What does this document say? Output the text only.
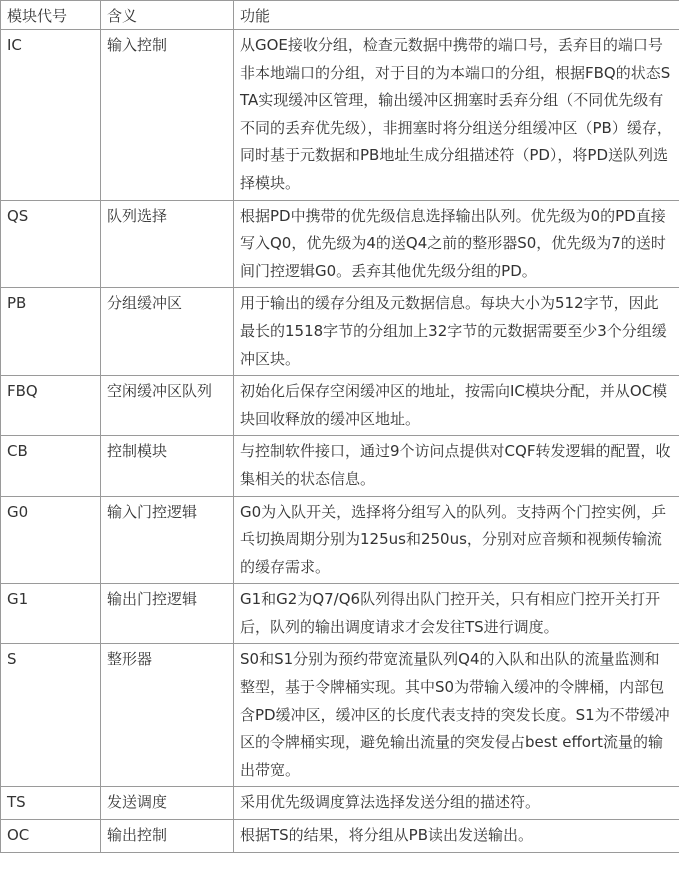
模块代号	含义	功能
IC	输入控制	从GOE接收分组，检查元数据中携带的端口号，丢弃目的端口号非本地端口的分组，对于目的为本端口的分组，根据FBQ的状态STA实现缓冲区管理，输出缓冲区拥塞时丢弃分组（不同优先级有不同的丢弃优先级），非拥塞时将分组送分组缓冲区（PB）缓存，同时基于元数据和PB地址生成分组描述符（PD），将PD送队列选择模块。
QS	队列选择	根据PD中携带的优先级信息选择输出队列。优先级为0的PD直接写入Q0，优先级为4的送Q4之前的整形器S0，优先级为7的送时间门控逻辑G0。丢弃其他优先级分组的PD。
PB	分组缓冲区	用于输出的缓存分组及元数据信息。每块大小为512字节，因此最长的1518字节的分组加上32字节的元数据需要至少3个分组缓冲区块。
FBQ	空闲缓冲区队列	初始化后保存空闲缓冲区的地址，按需向IC模块分配，并从OC模块回收释放的缓冲区地址。
CB	控制模块	与控制软件接口，通过9个访问点提供对CQF转发逻辑的配置，收集相关的状态信息。
G0	输入门控逻辑	G0为入队开关，选择将分组写入的队列。支持两个门控实例，乒乓切换周期分别为125us和250us，分别对应音频和视频传输流的缓存需求。
G1	输出门控逻辑	G1和G2为Q7/Q6队列得出队门控开关，只有相应门控开关打开后，队列的输出调度请求才会发往TS进行调度。
S	整形器	S0和S1分别为预约带宽流量队列Q4的入队和出队的流量监测和整型，基于令牌桶实现。其中S0为带输入缓冲的令牌桶，内部包含PD缓冲区，缓冲区的长度代表支持的突发长度。S1为不带缓冲区的令牌桶实现，避免输出流量的突发侵占best effort流量的输出带宽。
TS	发送调度	采用优先级调度算法选择发送分组的描述符。
OC	输出控制	根据TS的结果，将分组从PB读出发送输出。
